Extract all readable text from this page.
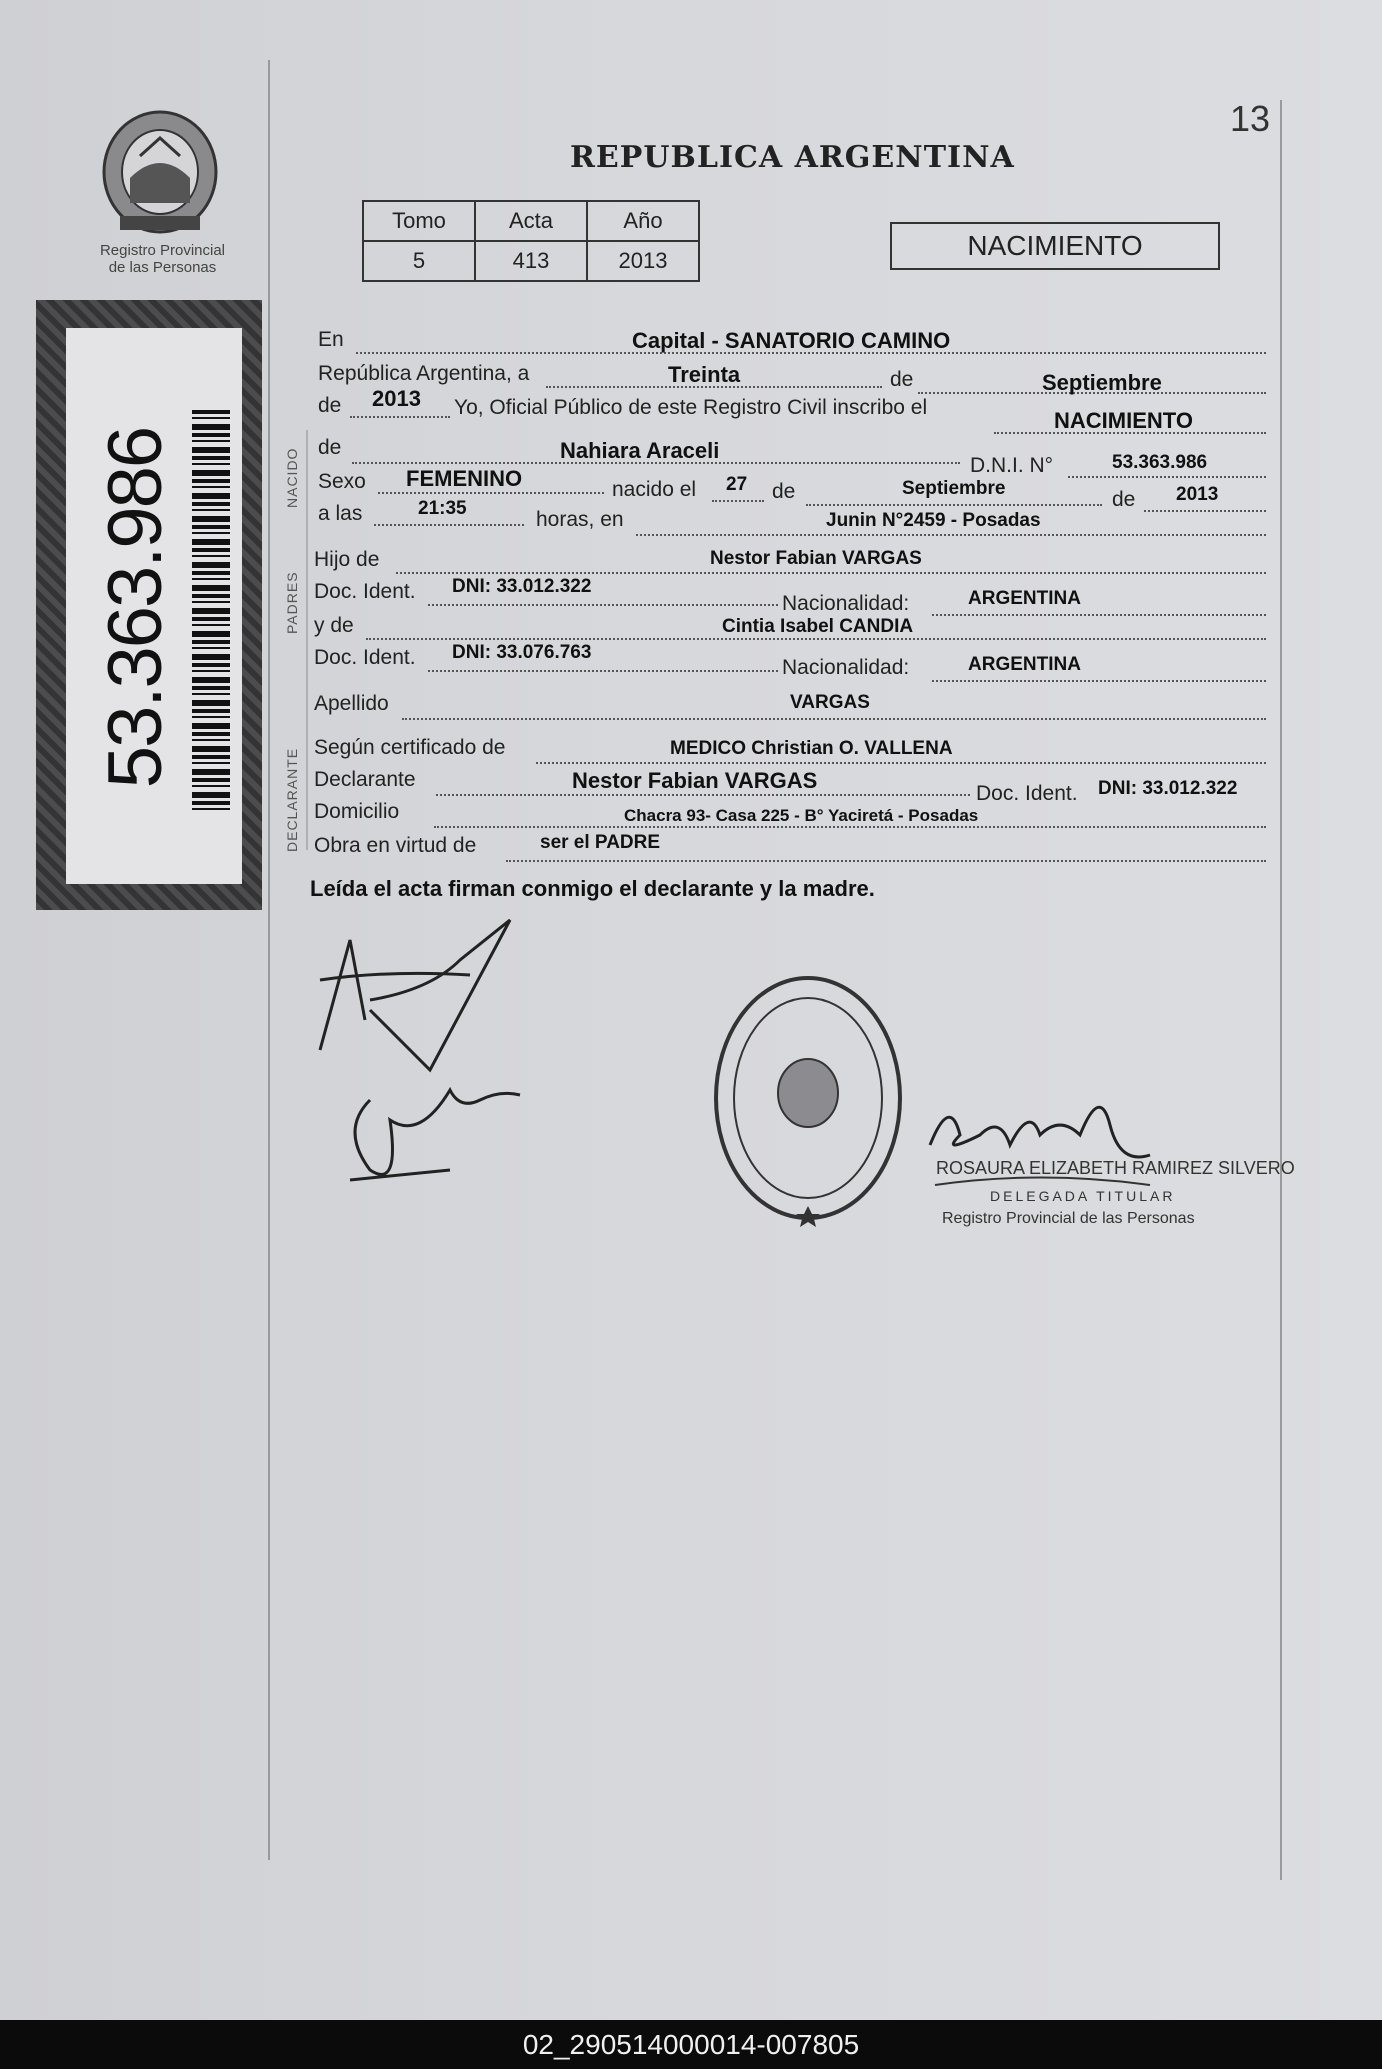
13
Registro Provincial
de las Personas
53.363.986
REPUBLICA ARGENTINA
Tomo	Acta	Año
5	413	2013	NACIMIENTO
NACIDO
PADRES
DECLARANTE
En	Capital - SANATORIO CAMINO
República Argentina, a	Treinta	de	Septiembre
de 2013 Yo, Oficial Público de este Registro Civil inscribo el
NACIMIENTO
de	Nahiara Araceli
D.N.I. N°	53.363.986
Sexo FEMENINO	nacido el 27 de	Septiembre	de 2013
a las	21:35	horas, en	Junin N°2459 - Posadas
Hijo de	Nestor Fabian VARGAS
Doc. Ident. DNI: 33.012.322
Nacionalidad:	ARGENTINA
y de	Cintia Isabel CANDIA
Doc. Ident. DNI: 33.076.763
Nacionalidad:	ARGENTINA
Apellido	VARGAS
Según certificado de	MEDICO Christian O. VALLENA
Declarante	Nestor Fabian VARGAS
Doc. Ident. DNI: 33.012.322
Domicilio	Chacra 93- Casa 225 - B° Yaciretá - Posadas
Obra en virtud de	ser el PADRE
Leída el acta firman conmigo el declarante y la madre.
ROSAURA ELIZABETH RAMIREZ SILVERO
DELEGADA TITULAR
Registro Provincial de las Personas
02_290514000014-007805
